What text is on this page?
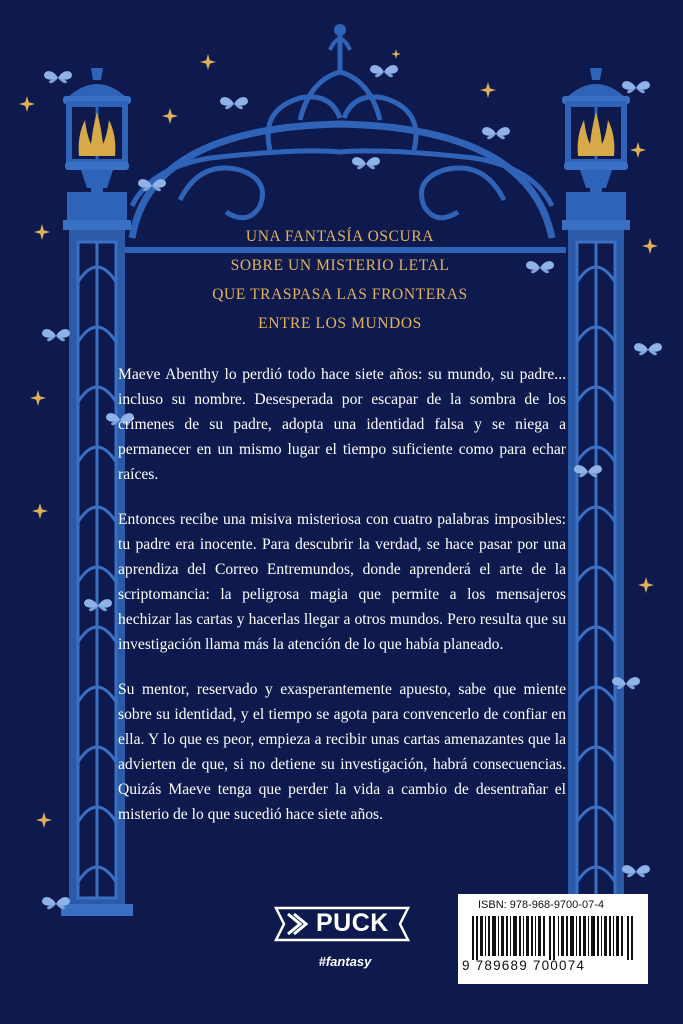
UNA FANTASÍA OSCURA
SOBRE UN MISTERIO LETAL
QUE TRASPASA LAS FRONTERAS
ENTRE LOS MUNDOS

Maeve Abenthy lo perdió todo hace siete años: su mundo, su padre... incluso su nombre. Desesperada por escapar de la sombra de los crímenes de su padre, adopta una identidad falsa y se niega a permanecer en un mismo lugar el tiempo suficiente como para echar raíces.

Entonces recibe una misiva misteriosa con cuatro palabras imposibles: tu padre era inocente. Para descubrir la verdad, se hace pasar por una aprendiza del Correo Entremundos, donde aprenderá el arte de la scriptomancia: la peligrosa magia que permite a los mensajeros hechizar las cartas y hacerlas llegar a otros mundos. Pero resulta que su investigación llama más la atención de lo que había planeado.

Su mentor, reservado y exasperantemente apuesto, sabe que miente sobre su identidad, y el tiempo se agota para convencerlo de confiar en ella. Y lo que es peor, empieza a recibir unas cartas amenazantes que la advierten de que, si no detiene su investigación, habrá consecuencias. Quizás Maeve tenga que perder la vida a cambio de desentrañar el misterio de lo que sucedió hace siete años.

PUCK
#fantasy
ISBN: 978-968-9700-07-4
9 789689 700074
